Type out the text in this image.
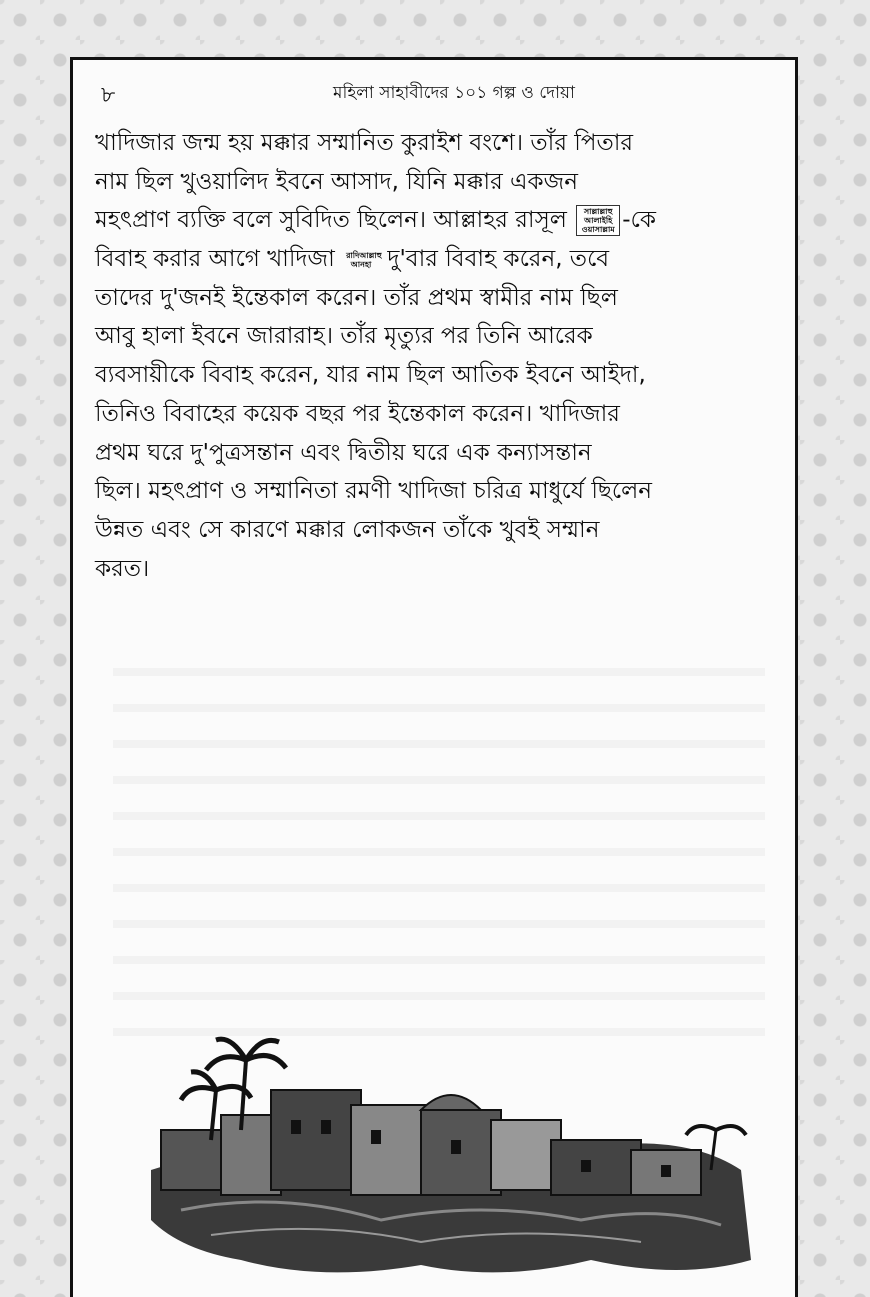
৮	মহিলা সাহাবীদের ১০১ গল্প ও দোয়া
খাদিজার জন্ম হয় মক্কার সম্মানিত কুরাইশ বংশে। তাঁর পিতার
নাম ছিল খুওয়ালিদ ইবনে আসাদ, যিনি মক্কার একজন
মহৎপ্রাণ ব্যক্তি বলে সুবিদিত ছিলেন। আল্লাহর রাসূল সাল্লাল্লাহু আলাইহি ওয়াসাল্লাম -কে
বিবাহ করার আগে খাদিজা রাদিআল্লাহু আনহা দু'বার বিবাহ করেন, তবে
তাদের দু'জনই ইন্তেকাল করেন। তাঁর প্রথম স্বামীর নাম ছিল
আবু হালা ইবনে জারারাহ। তাঁর মৃত্যুর পর তিনি আরেক
ব্যবসায়ীকে বিবাহ করেন, যার নাম ছিল আতিক ইবনে আইদা,
তিনিও বিবাহের কয়েক বছর পর ইন্তেকাল করেন। খাদিজার
প্রথম ঘরে দু'পুত্রসন্তান এবং দ্বিতীয় ঘরে এক কন্যাসন্তান
ছিল। মহৎপ্রাণ ও সম্মানিতা রমণী খাদিজা চরিত্র মাধুর্যে ছিলেন
উন্নত এবং সে কারণে মক্কার লোকজন তাঁকে খুবই সম্মান
করত।
